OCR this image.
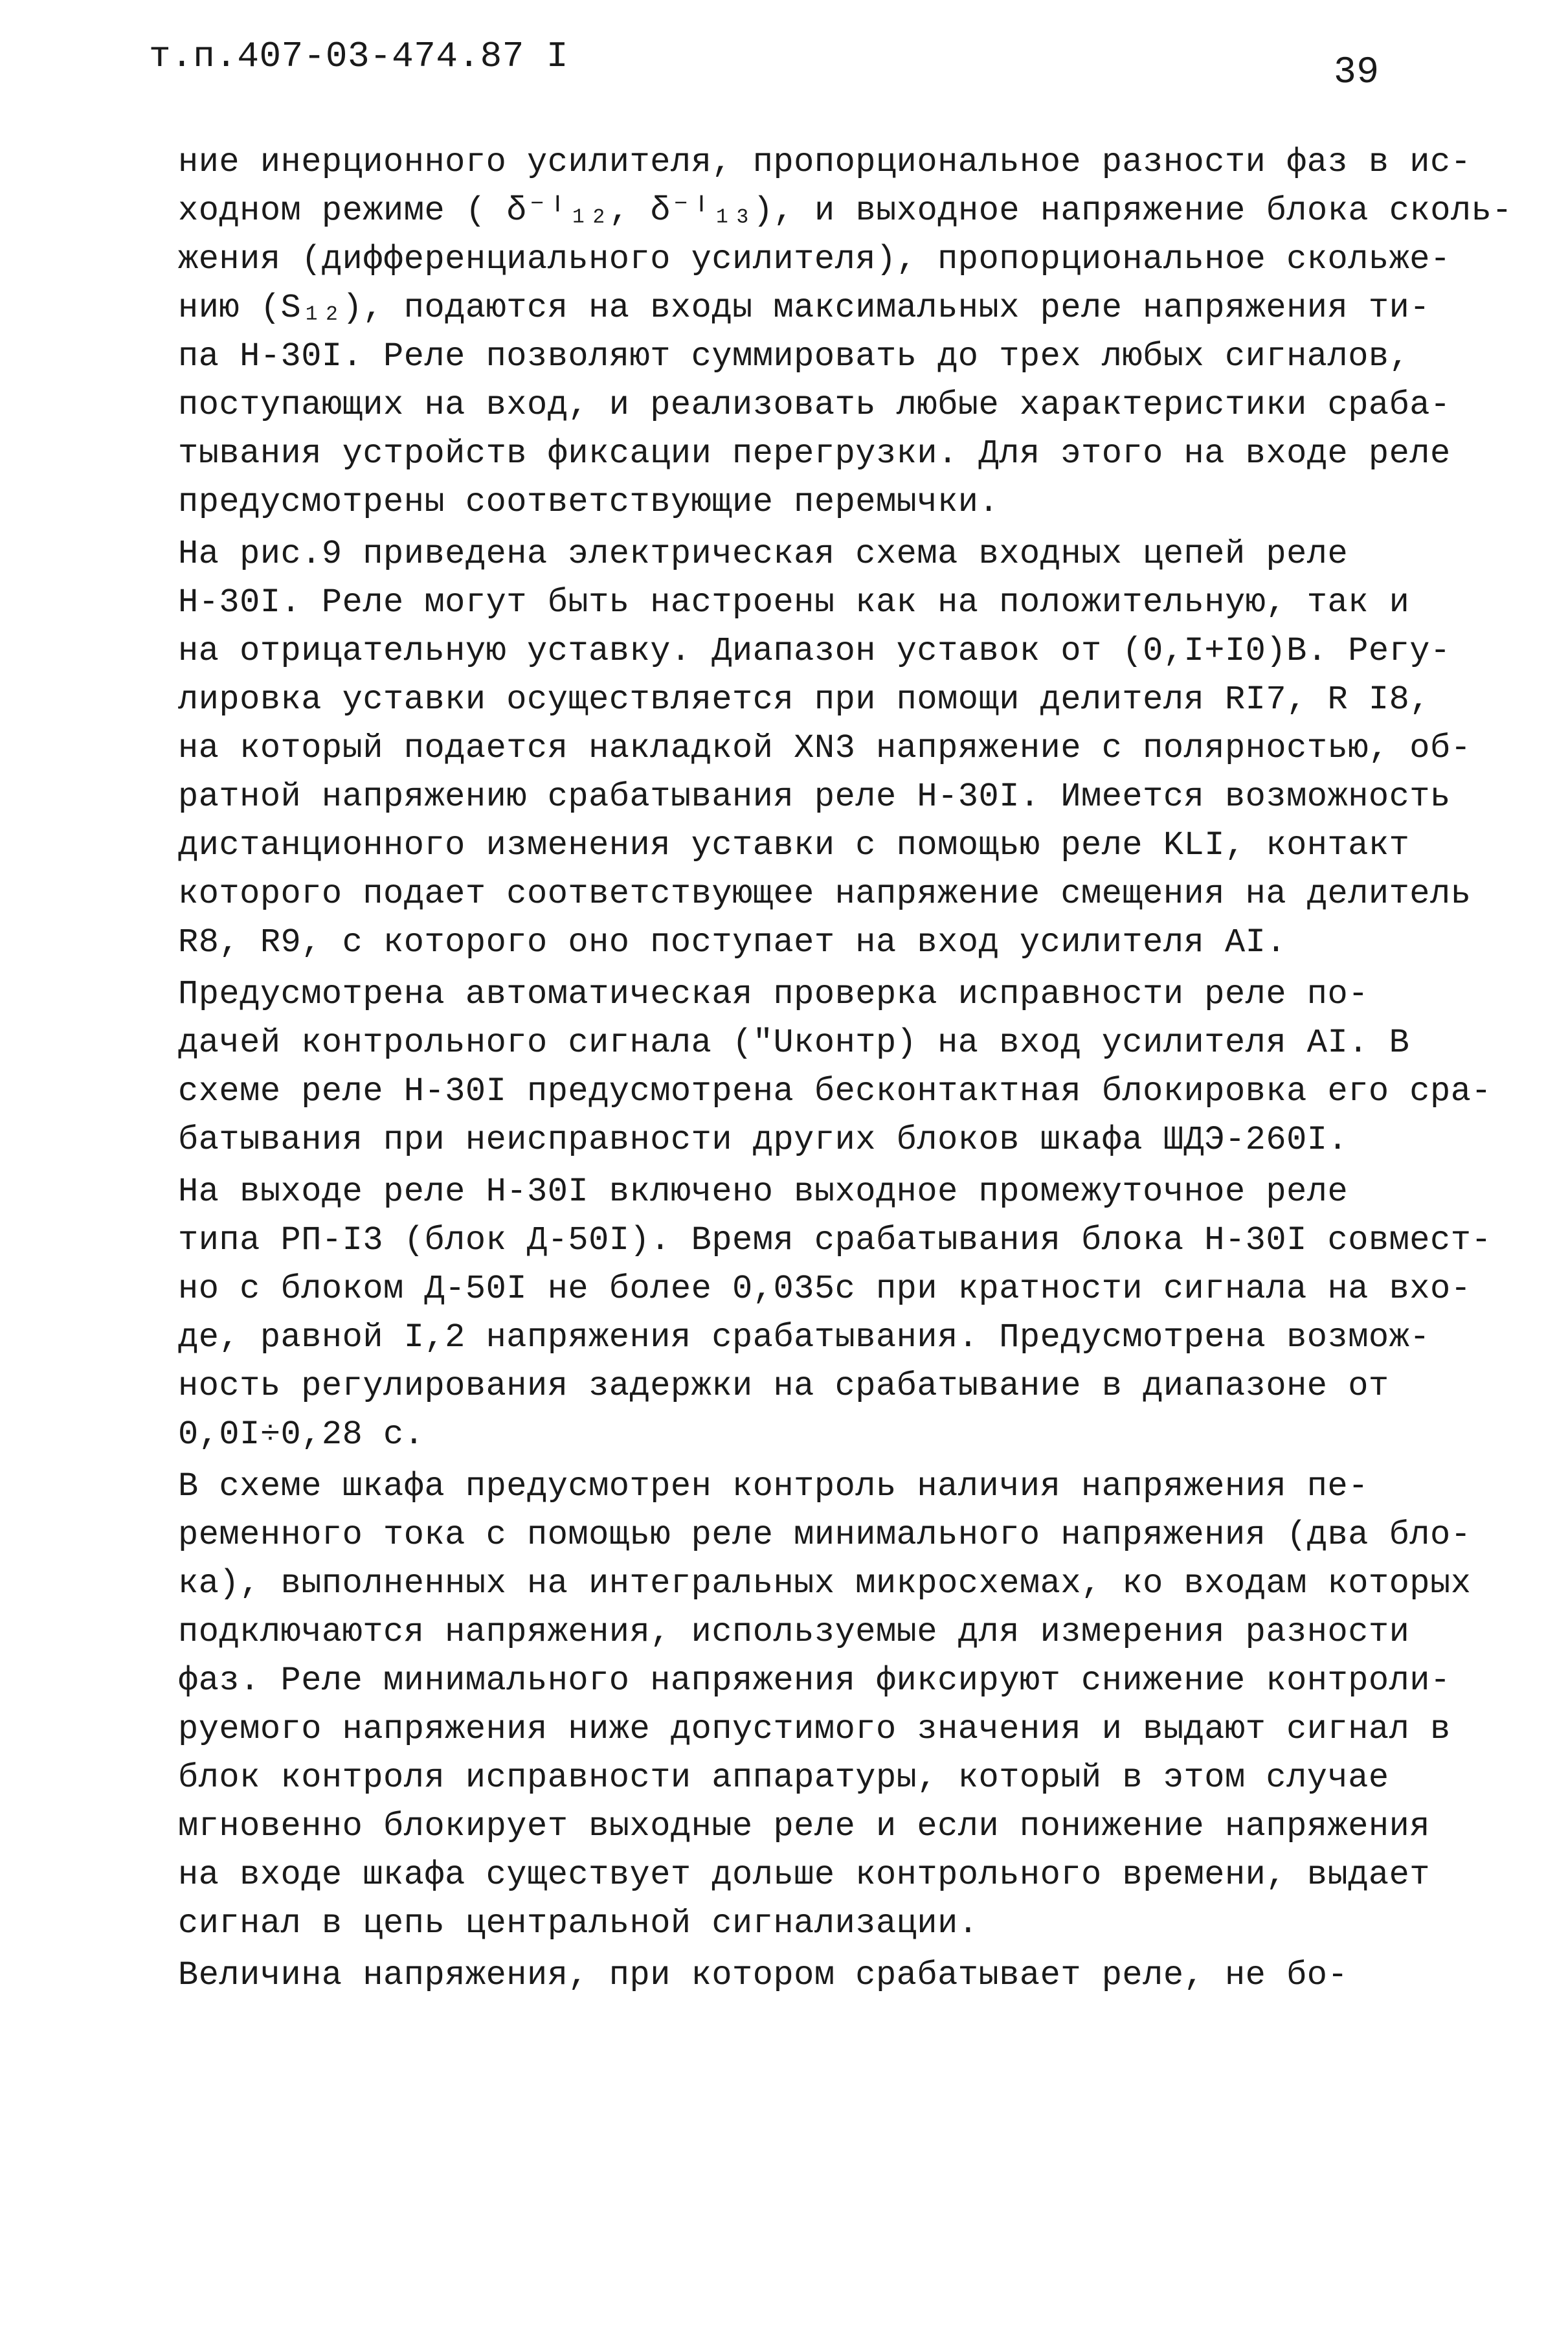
т.п.407-03-474.87 I	39
ние инерционного усилителя, пропорциональное разности фаз в ис-
ходном режиме ( δ⁻ᴵ₁₂, δ⁻ᴵ₁₃), и выходное напряжение блока сколь-
жения (дифференциального усилителя), пропорциональное скольже-
нию (S₁₂), подаются на входы максимальных реле напряжения ти-
па Н-30I. Реле позволяют суммировать до трех любых сигналов,
поступающих на вход, и реализовать любые характеристики сраба-
тывания устройств фиксации перегрузки. Для этого на входе реле
предусмотрены соответствующие перемычки.
На рис.9 приведена электрическая схема входных цепей реле
Н-30I. Реле могут быть настроены как на положительную, так и
на отрицательную уставку. Диапазон уставок от (0,I+I0)В. Регу-
лировка уставки осуществляется при помощи делителя RI7, R I8,
на который подается накладкой XN3 напряжение с полярностью, об-
ратной напряжению срабатывания реле Н-30I. Имеется возможность
дистанционного изменения уставки с помощью реле KLI, контакт
которого подает соответствующее напряжение смещения на делитель
R8, R9, с которого оно поступает на вход усилителя AI.
Предусмотрена автоматическая проверка исправности реле по-
дачей контрольного сигнала ("Uконтр) на вход усилителя AI. В
схеме реле Н-30I предусмотрена бесконтактная блокировка его сра-
батывания при неисправности других блоков шкафа ШДЭ-260I.
На выходе реле Н-30I включено выходное промежуточное реле
типа РП-I3 (блок Д-50I). Время срабатывания блока Н-30I совмест-
но с блоком Д-50I не более 0,035с при кратности сигнала на вхо-
де, равной I,2 напряжения срабатывания. Предусмотрена возмож-
ность регулирования задержки на срабатывание в диапазоне от
0,0I÷0,28 с.
В схеме шкафа предусмотрен контроль наличия напряжения пе-
ременного тока с помощью реле минимального напряжения (два бло-
ка), выполненных на интегральных микросхемах, ко входам которых
подключаются напряжения, используемые для измерения разности
фаз. Реле минимального напряжения фиксируют снижение контроли-
руемого напряжения ниже допустимого значения и выдают сигнал в
блок контроля исправности аппаратуры, который в этом случае
мгновенно блокирует выходные реле и если понижение напряжения
на входе шкафа существует дольше контрольного времени, выдает
сигнал в цепь центральной сигнализации.
Величина напряжения, при котором срабатывает реле, не бо-
